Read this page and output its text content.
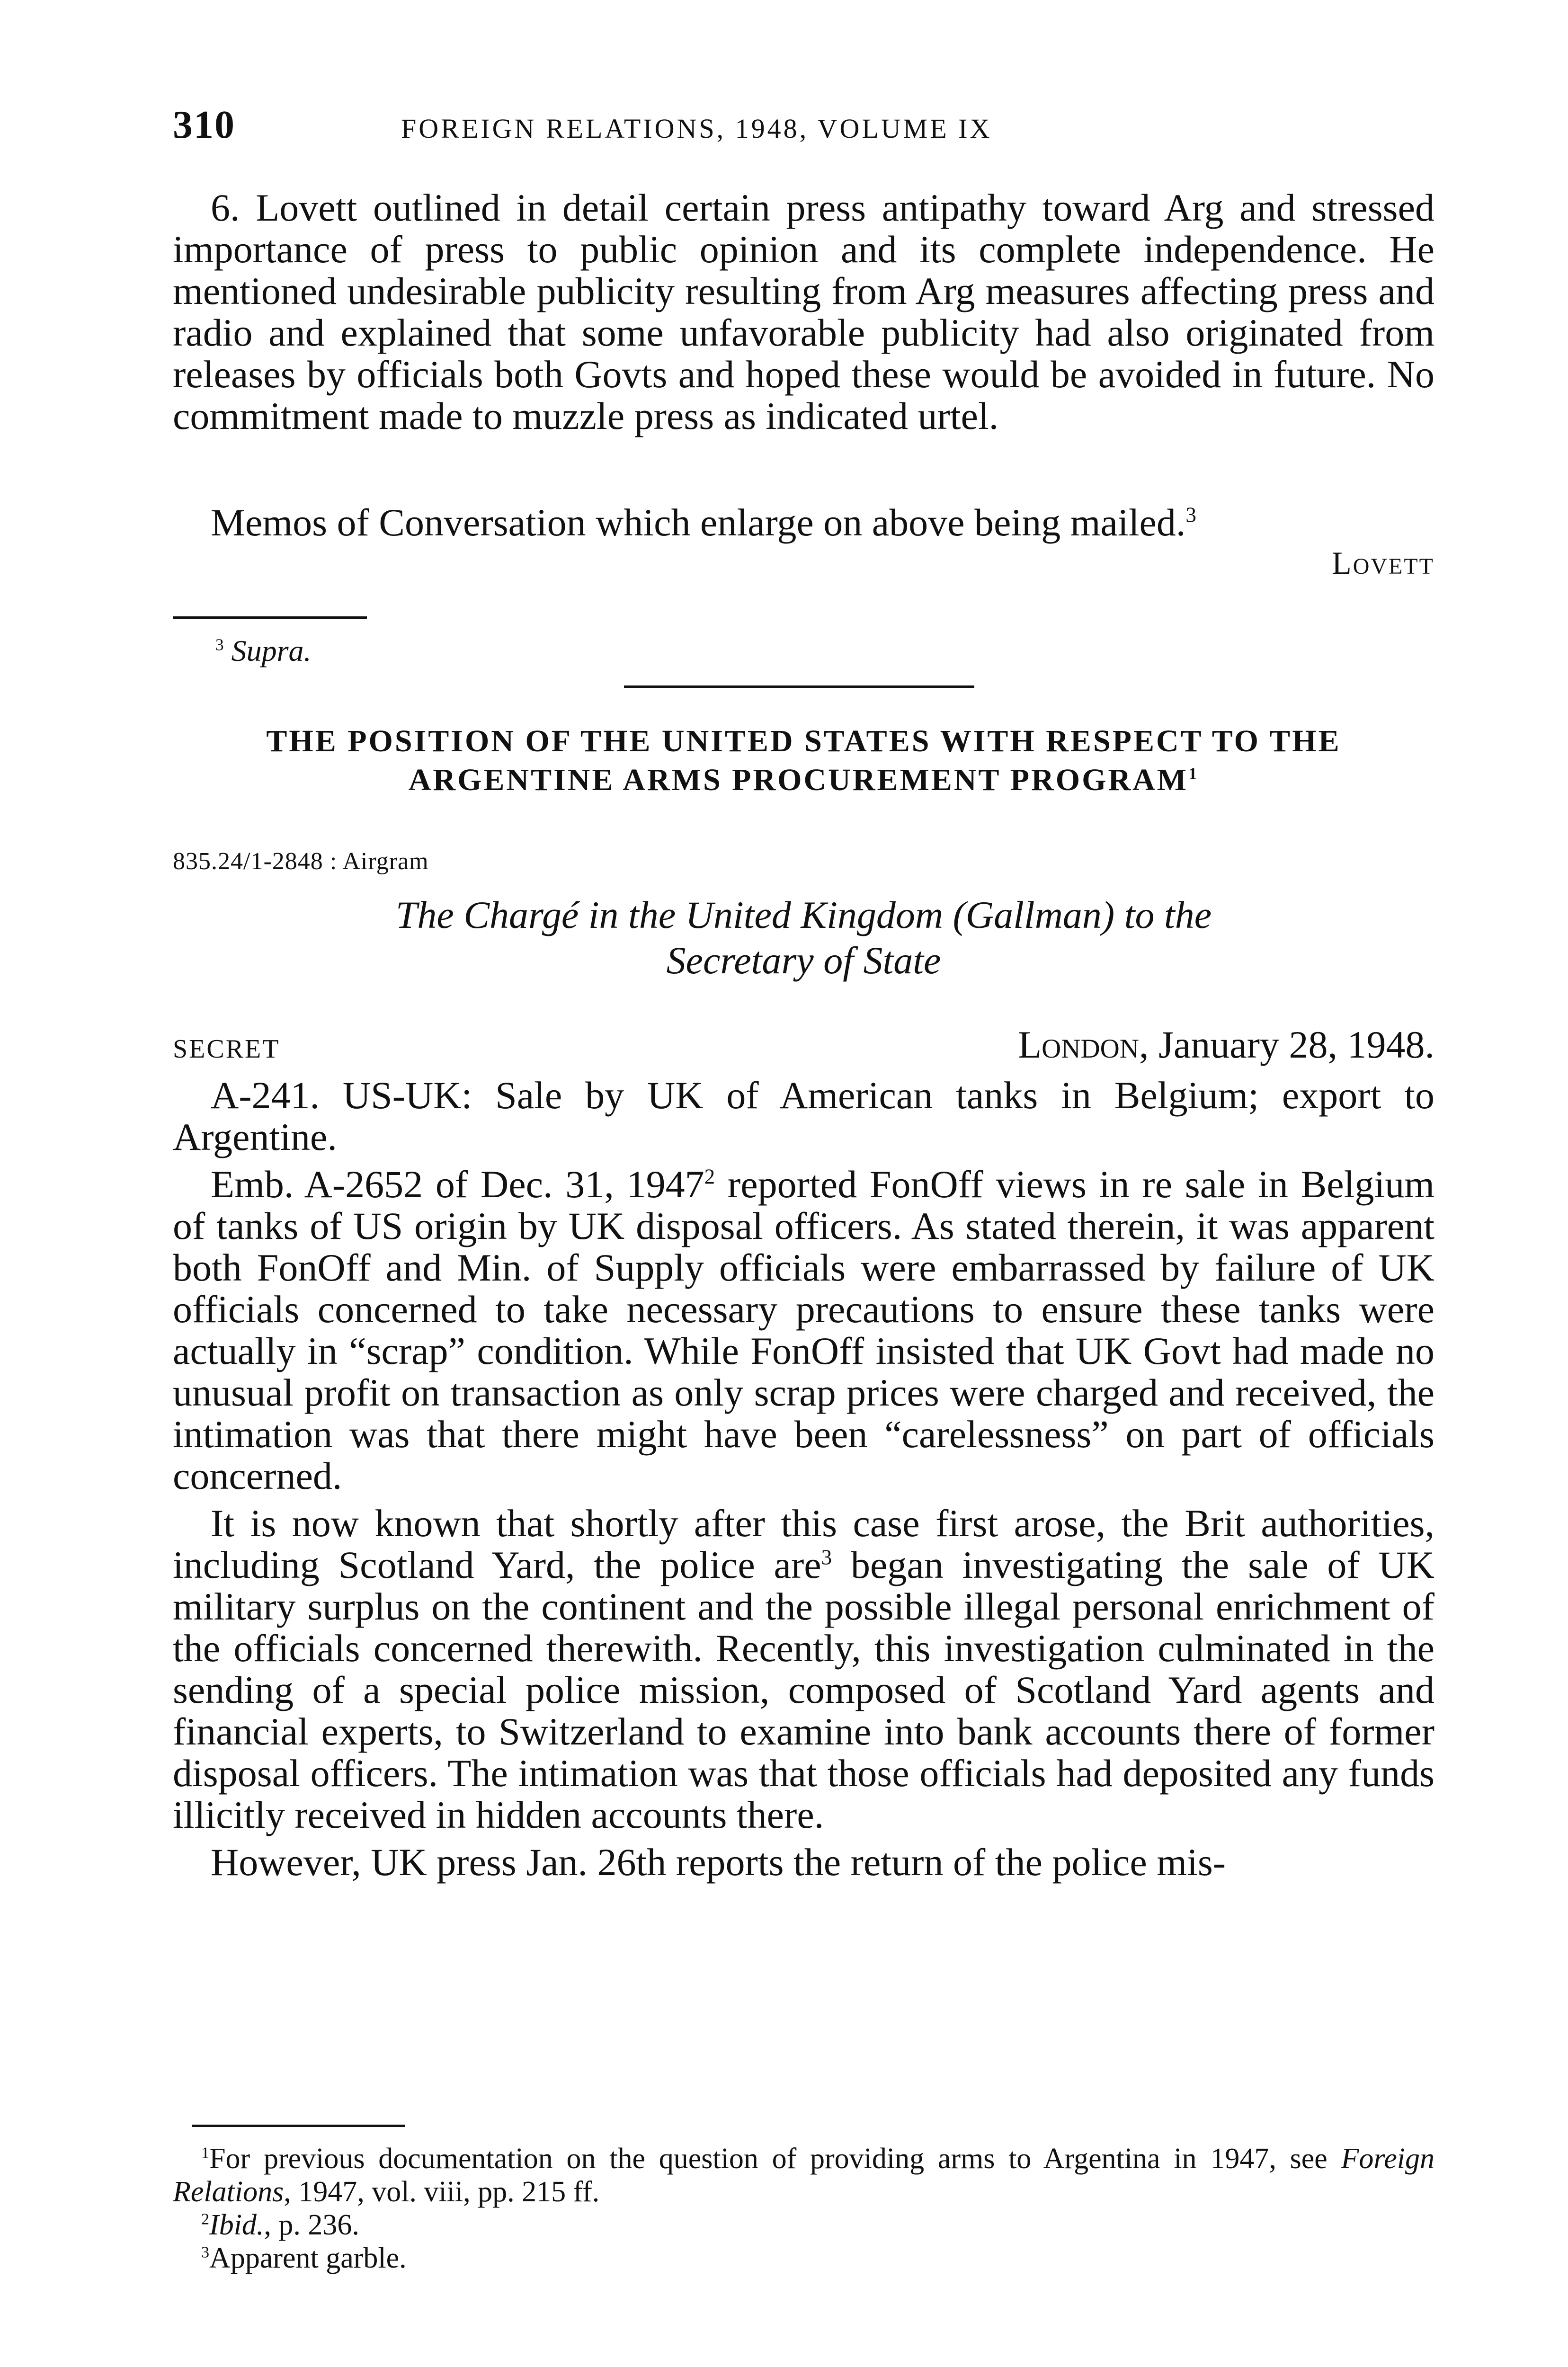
310	FOREIGN RELATIONS, 1948, VOLUME IX

6. Lovett outlined in detail certain press antipathy toward Arg and stressed importance of press to public opinion and its complete independence. He mentioned undesirable publicity resulting from Arg measures affecting press and radio and explained that some unfavorable publicity had also originated from releases by officials both Govts and hoped these would be avoided in future. No commitment made to muzzle press as indicated urtel.

Memos of Conversation which enlarge on above being mailed.$^3$

Lovett

$^3$ Supra.

THE POSITION OF THE UNITED STATES WITH RESPECT TO THE

ARGENTINE ARMS PROCUREMENT PROGRAM$^1$

835.24/1-2848 : Airgram

The Chargé in the United Kingdom (Gallman) to the

Secretary of State

SECRET	London, January 28, 1948.

A-241. US-UK: Sale by UK of American tanks in Belgium; export to Argentine.

Emb. A-2652 of Dec. 31, 1947$^2$ reported FonOff views in re sale in Belgium of tanks of US origin by UK disposal officers. As stated therein, it was apparent both FonOff and Min. of Supply officials were embarrassed by failure of UK officials concerned to take necessary precautions to ensure these tanks were actually in “scrap” condition. While FonOff insisted that UK Govt had made no unusual profit on transaction as only scrap prices were charged and received, the intimation was that there might have been “carelessness” on part of officials concerned.

It is now known that shortly after this case first arose, the Brit authorities, including Scotland Yard, the police are$^3$ began investigating the sale of UK military surplus on the continent and the possible illegal personal enrichment of the officials concerned therewith. Recently, this investigation culminated in the sending of a special police mission, composed of Scotland Yard agents and financial experts, to Switzerland to examine into bank accounts there of former disposal officers. The intimation was that those officials had deposited any funds illicitly received in hidden accounts there.

However, UK press Jan. 26th reports the return of the police mis-

$^1$For previous documentation on the question of providing arms to Argentina in 1947, see Foreign Relations, 1947, vol. viii, pp. 215 ff.

$^2$Ibid., p. 236.

$^3$Apparent garble.
